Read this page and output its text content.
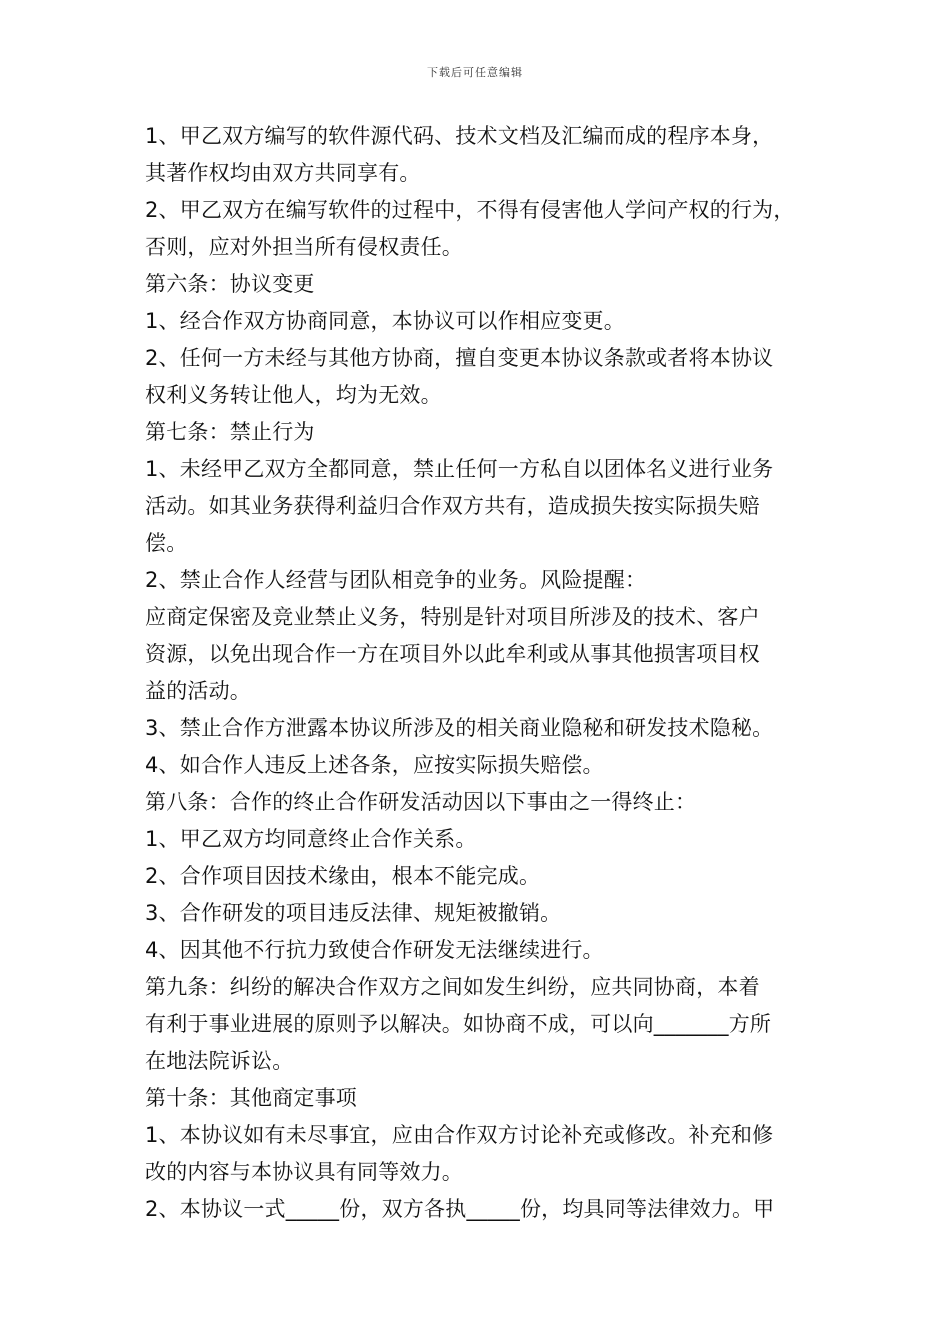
下载后可任意编辑

1、甲乙双方编写的软件源代码、技术文档及汇编而成的程序本身，

其著作权均由双方共同享有。

2、甲乙双方在编写软件的过程中，不得有侵害他人学问产权的行为，

否则，应对外担当所有侵权责任。

第六条：协议变更

1、经合作双方协商同意，本协议可以作相应变更。

2、任何一方未经与其他方协商，擅自变更本协议条款或者将本协议

权利义务转让他人，均为无效。

第七条：禁止行为

1、未经甲乙双方全都同意，禁止任何一方私自以团体名义进行业务

活动。如其业务获得利益归合作双方共有，造成损失按实际损失赔

偿。

2、禁止合作人经营与团队相竞争的业务。风险提醒：

应商定保密及竞业禁止义务，特别是针对项目所涉及的技术、客户

资源，以免出现合作一方在项目外以此牟利或从事其他损害项目权

益的活动。

3、禁止合作方泄露本协议所涉及的相关商业隐秘和研发技术隐秘。

4、如合作人违反上述各条，应按实际损失赔偿。

第八条：合作的终止合作研发活动因以下事由之一得终止：

1、甲乙双方均同意终止合作关系。

2、合作项目因技术缘由，根本不能完成。

3、合作研发的项目违反法律、规矩被撤销。

4、因其他不行抗力致使合作研发无法继续进行。

第九条：纠纷的解决合作双方之间如发生纠纷，应共同协商，本着

有利于事业进展的原则予以解决。如协商不成，可以向_______方所

在地法院诉讼。

第十条：其他商定事项

1、本协议如有未尽事宜，应由合作双方讨论补充或修改。补充和修

改的内容与本协议具有同等效力。

2、本协议一式_____份，双方各执_____份，均具同等法律效力。甲
